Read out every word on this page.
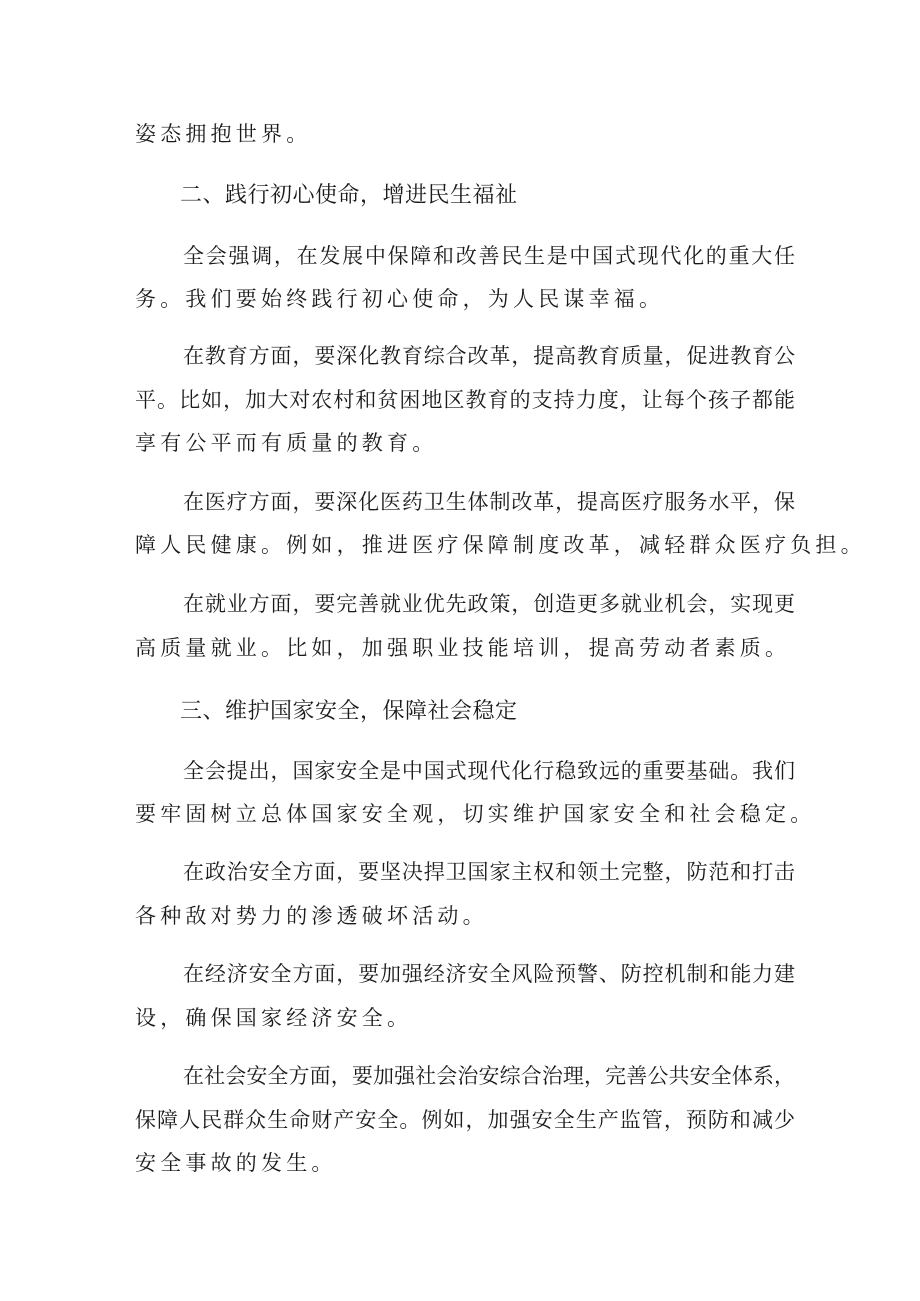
姿态拥抱世界。

二、践行初心使命，增进民生福祉

全会强调，在发展中保障和改善民生是中国式现代化的重大任

务。我们要始终践行初心使命，为人民谋幸福。

在教育方面，要深化教育综合改革，提高教育质量，促进教育公

平。比如，加大对农村和贫困地区教育的支持力度，让每个孩子都能

享有公平而有质量的教育。

在医疗方面，要深化医药卫生体制改革，提高医疗服务水平，保

障人民健康。例如，推进医疗保障制度改革，减轻群众医疗负担。

在就业方面，要完善就业优先政策，创造更多就业机会，实现更

高质量就业。比如，加强职业技能培训，提高劳动者素质。

三、维护国家安全，保障社会稳定

全会提出，国家安全是中国式现代化行稳致远的重要基础。我们

要牢固树立总体国家安全观，切实维护国家安全和社会稳定。

在政治安全方面，要坚决捍卫国家主权和领土完整，防范和打击

各种敌对势力的渗透破坏活动。

在经济安全方面，要加强经济安全风险预警、防控机制和能力建

设，确保国家经济安全。

在社会安全方面，要加强社会治安综合治理，完善公共安全体系，

保障人民群众生命财产安全。例如，加强安全生产监管，预防和减少

安全事故的发生。
